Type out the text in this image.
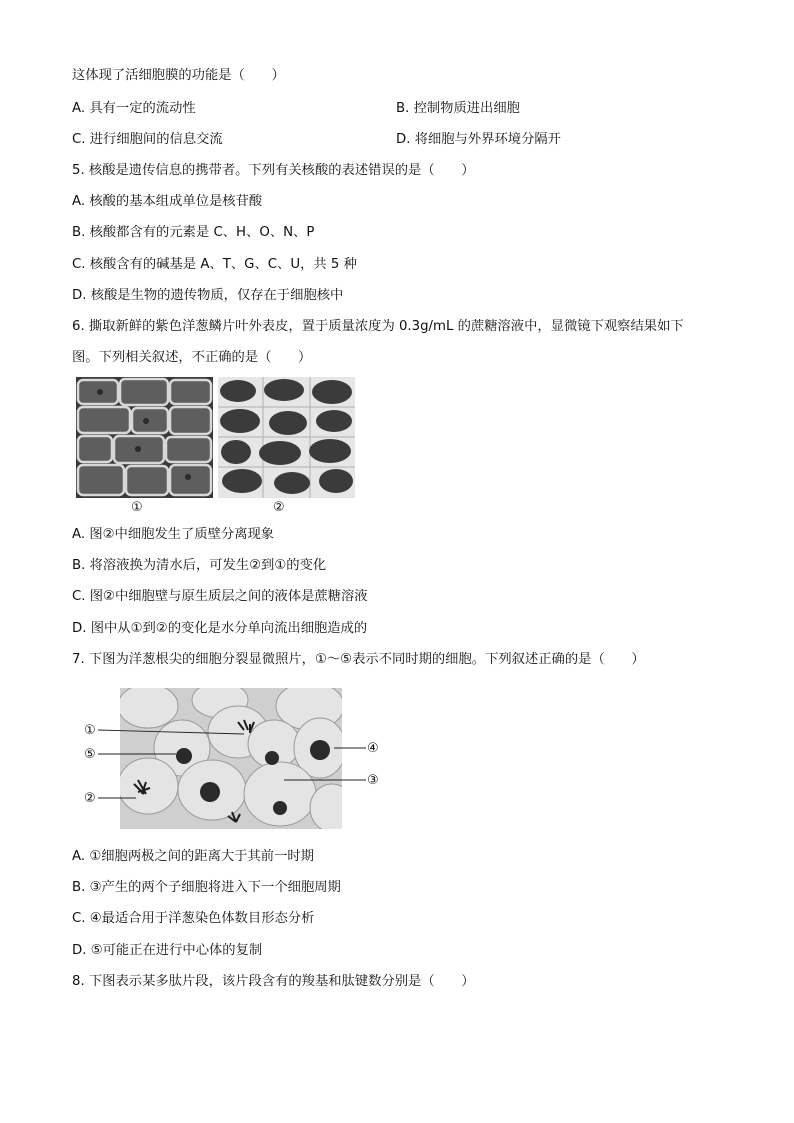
这体现了活细胞膜的功能是（　　）
A. 具有一定的流动性	B. 控制物质进出细胞
C. 进行细胞间的信息交流	D. 将细胞与外界环境分隔开
5. 核酸是遗传信息的携带者。下列有关核酸的表述错误的是（　　）
A. 核酸的基本组成单位是核苷酸
B. 核酸都含有的元素是 C、H、O、N、P
C. 核酸含有的碱基是 A、T、G、C、U，共 5 种
D. 核酸是生物的遗传物质，仅存在于细胞核中
6. 撕取新鲜的紫色洋葱鳞片叶外表皮，置于质量浓度为 0.3g/mL 的蔗糖溶液中，显微镜下观察结果如下
图。下列相关叙述，不正确的是（　　）
①	②
A. 图②中细胞发生了质壁分离现象
B. 将溶液换为清水后，可发生②到①的变化
C. 图②中细胞壁与原生质层之间的液体是蔗糖溶液
D. 图中从①到②的变化是水分单向流出细胞造成的
7. 下图为洋葱根尖的细胞分裂显微照片，①～⑤表示不同时期的细胞。下列叙述正确的是（　　）
①
⑤
②
④
③
A. ①细胞两极之间的距离大于其前一时期
B. ③产生的两个子细胞将进入下一个细胞周期
C. ④最适合用于洋葱染色体数目形态分析
D. ⑤可能正在进行中心体的复制
8. 下图表示某多肽片段，该片段含有的羧基和肽键数分别是（　　）
